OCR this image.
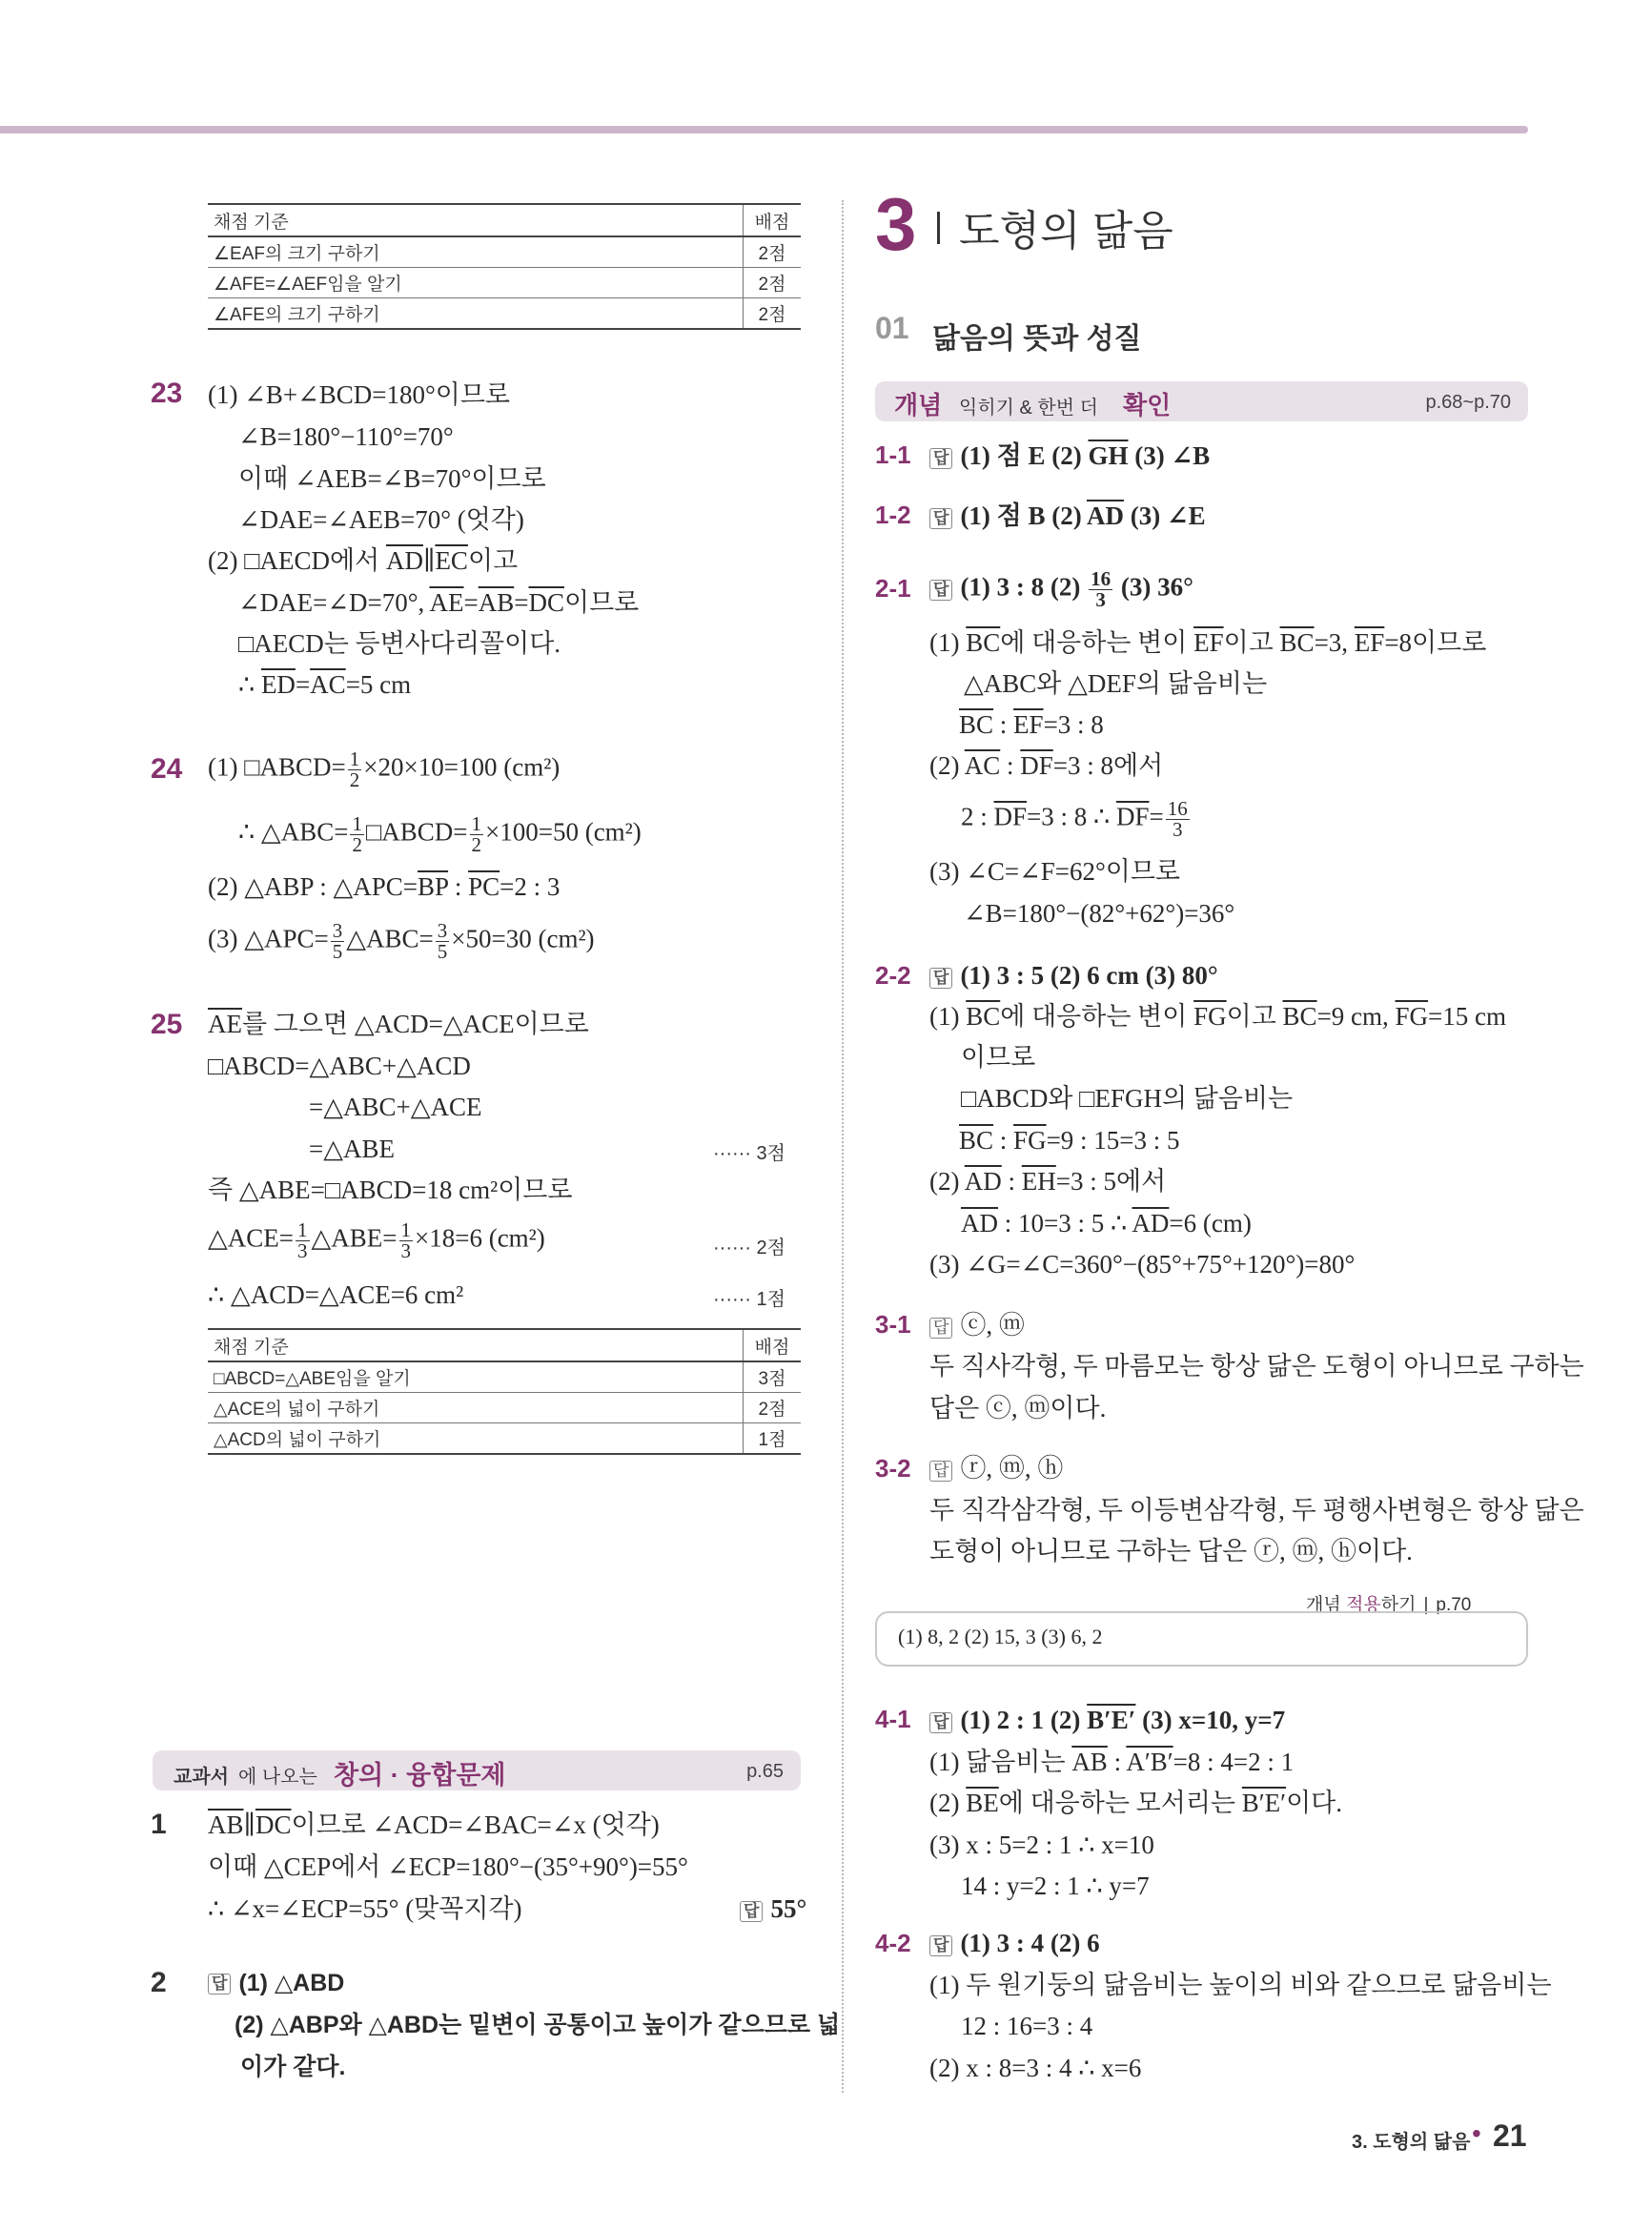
채점 기준	배점
∠EAF의 크기 구하기	2점
∠AFE=∠AEF임을 알기	2점
∠AFE의 크기 구하기	2점
23 (1) ∠B+∠BCD=180°이므로
∠B=180°−110°=70°
이때 ∠AEB=∠B=70°이므로
∠DAE=∠AEB=70° (엇각)
(2) □AECD에서 $\overline{AD}\parallel\overline{EC}$이고
∠DAE=∠D=70°, $\overline{AE}=\overline{AB}=\overline{DC}$이므로
□AECD는 등변사다리꼴이다.
∴ $\overline{ED}=\overline{AC}=5$ cm
24 (1) □ABCD= $\frac{1}{2} \times 20\times 10=100$ (cm²)
∴ △ABC= $\frac{1}{2}$ □ABCD= $\frac{1}{2} \times 100=50$ (cm²)
(2) △ABP : $\triangle APC=\overline{BP}$ : $\overline{PC}=2$ : 3
(3) △APC= $\frac{3}{5}$ △ABC= $\frac{3}{5} \times 50=30$ (cm²)
25 $\overline{AE}$를 그으면 △ACD=△ACE이므로
□ABCD=△ABC+△ACD
=△ABC+△ACE
=△ABE	······ 3점
즉 △ABE=□ABCD=18 cm²이므로
△ACE= $\frac{1}{3}$ △ABE= $\frac{1}{3} \times 18=6$ (cm²)	······ 2점
∴ △ACD=△ACE=6 cm²	······ 1점
채점 기준	배점
□ABCD=△ABE임을 알기	3점
△ACE의 넓이 구하기	2점
△ACD의 넓이 구하기	1점
교과서 에 나오는 창의 · 융합문제	p.65
1 $\overline{AB}\parallel\overline{DC}$이므로 ∠ACD=∠BAC=∠x (엇각)
이때 △CEP에서 ∠ECP=180°−(35°+90°)=55°
∴ ∠x=∠ECP=55° (맞꼭지각)	답 55°
2	답 (1) △ABD
(2) △ABP와 △ABD는 밑변이 공통이고 높이가 같으므로 넓
이가 같다.
3 도형의 닮음
01 닮음의 뜻과 성질
개념 익히기 & 한번 더 확인	p.68~p.70
1-1 답 (1) 점 E (2) $\overline{GH}$ (3) ∠B
1-2 답 (1) 점 B (2) $\overline{AD}$ (3) ∠E
2-1 답 (1) 3 : 8 $(2) \frac{16}{3} (3)$ 36°
(1) $\overline{BC}$에 대응하는 변이 $\overline{EF}$이고 $\overline{BC}=3$, $\overline{EF}=8$이므로
△ABC와 △DEF의 닮음비는
$\overline{BC}$ : $\overline{EF}=3$ : 8
(2) $\overline{AC}$ : $\overline{DF}=3$ : 8에서
2 : $\overline{DF}=3$ : 8 ∴ $\overline{DF}= \frac{16}{3}$
(3) ∠C=∠F=62°이므로
∠B=180°−(82°+62°)=36°
2-2 답 (1) 3 : 5 (2) 6 cm (3) 80°
(1) $\overline{BC}$에 대응하는 변이 $\overline{FG}$이고 $\overline{BC}=9$ cm, $\overline{FG}=15$ cm
이므로
□ABCD와 □EFGH의 닮음비는
$\overline{BC}$ : $\overline{FG}=9$ : 15=3 : 5
(2) $\overline{AD}$ : $\overline{EH}=3$ : 5에서
$\overline{AD}$ : 10=3 : 5 ∴ $\overline{AD}=6$ (cm)
(3) ∠G=∠C=360°−(85°+75°+120°)=80°
3-1 답 ⓒ, ⓜ
두 직사각형, 두 마름모는 항상 닮은 도형이 아니므로 구하는
답은 ⓒ, ⓜ이다.
3-2 답 ⓡ, ⓜ, ⓗ
두 직각삼각형, 두 이등변삼각형, 두 평행사변형은 항상 닮은
도형이 아니므로 구하는 답은 ⓡ, ⓜ, ⓗ이다.
개념 적용하기 | p.70
(1) 8, 2 (2) 15, 3 (3) 6, 2
4-1 답 (1) 2 : 1 (2) B′E′ (3) x=10, y=7
(1) 닮음비는 $\overline{AB}$ : A′B′=8 : 4=2 : 1
(2) $\overline{BE}$에 대응하는 모서리는 B′E′이다.
(3) x : 5=2 : 1 ∴ x=10
14 : y=2 : 1 ∴ y=7
4-2 답 (1) 3 : 4 (2) 6
(1) 두 원기둥의 닮음비는 높이의 비와 같으므로 닮음비는
12 : 16=3 : 4
(2) x : 8=3 : 4 ∴ x=6
3. 도형의 닮음 • 21
